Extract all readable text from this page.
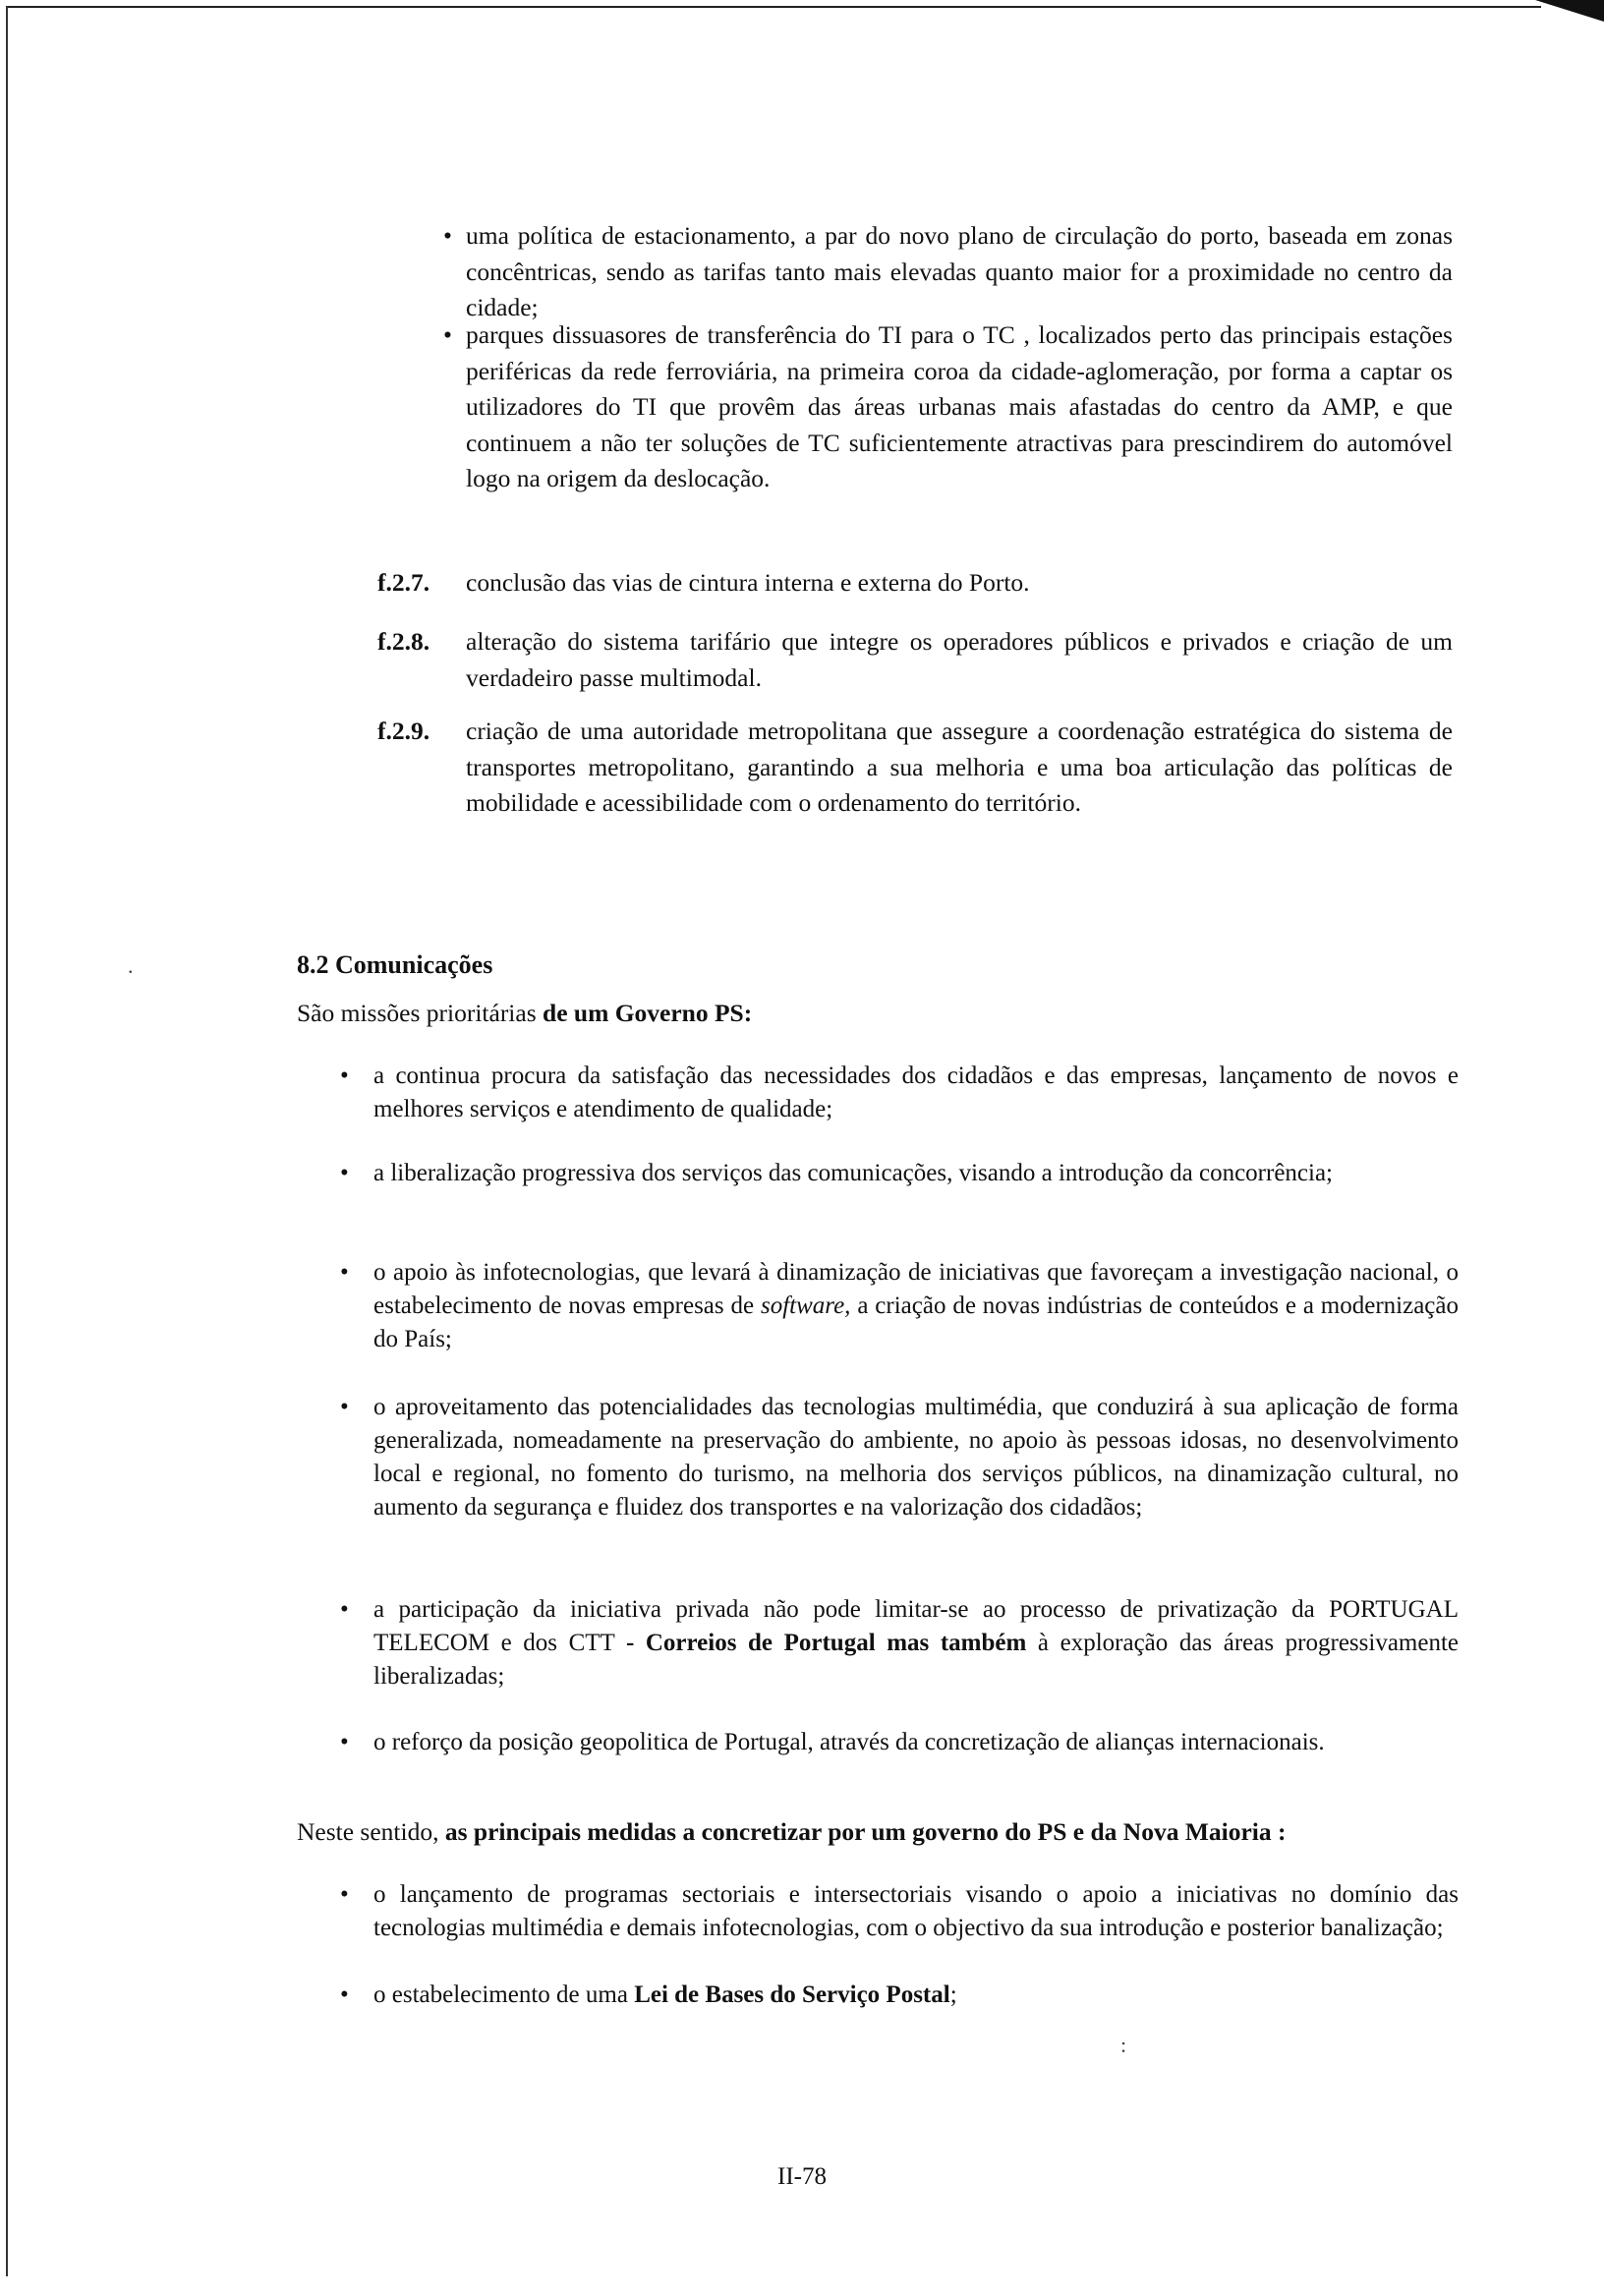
• uma política de estacionamento, a par do novo plano de circulação do porto, baseada em zonas concêntricas, sendo as tarifas tanto mais elevadas quanto maior for a proximidade no centro da cidade;
• parques dissuasores de transferência do TI para o TC , localizados perto das principais estações periféricas da rede ferroviária, na primeira coroa da cidade-aglomeração, por forma a captar os utilizadores do TI que provêm das áreas urbanas mais afastadas do centro da AMP, e que continuem a não ter soluções de TC suficientemente atractivas para prescindirem do automóvel logo na origem da deslocação.
f.2.7. conclusão das vias de cintura interna e externa do Porto.
f.2.8. alteração do sistema tarifário que integre os operadores públicos e privados e criação de um verdadeiro passe multimodal.
f.2.9. criação de uma autoridade metropolitana que assegure a coordenação estratégica do sistema de transportes metropolitano, garantindo a sua melhoria e uma boa articulação das políticas de mobilidade e acessibilidade com o ordenamento do território.
.	8.2 Comunicações
São missões prioritárias de um Governo PS:
• a continua procura da satisfação das necessidades dos cidadãos e das empresas, lançamento de novos e melhores serviços e atendimento de qualidade;
• a liberalização progressiva dos serviços das comunicações, visando a introdução da concorrência;
• o apoio às infotecnologias, que levará à dinamização de iniciativas que favoreçam a investigação nacional, o estabelecimento de novas empresas de software, a criação de novas indústrias de conteúdos e a modernização do País;
• o aproveitamento das potencialidades das tecnologias multimédia, que conduzirá à sua aplicação de forma generalizada, nomeadamente na preservação do ambiente, no apoio às pessoas idosas, no desenvolvimento local e regional, no fomento do turismo, na melhoria dos serviços públicos, na dinamização cultural, no aumento da segurança e fluidez dos transportes e na valorização dos cidadãos;
• a participação da iniciativa privada não pode limitar-se ao processo de privatização da PORTUGAL TELECOM e dos CTT - Correios de Portugal mas também à exploração das áreas progressivamente liberalizadas;
• o reforço da posição geopolitica de Portugal, através da concretização de alianças internacionais.
Neste sentido, as principais medidas a concretizar por um governo do PS e da Nova Maioria :
• o lançamento de programas sectoriais e intersectoriais visando o apoio a iniciativas no domínio das tecnologias multimédia e demais infotecnologias, com o objectivo da sua introdução e posterior banalização;
• o estabelecimento de uma Lei de Bases do Serviço Postal;
:
II-78
